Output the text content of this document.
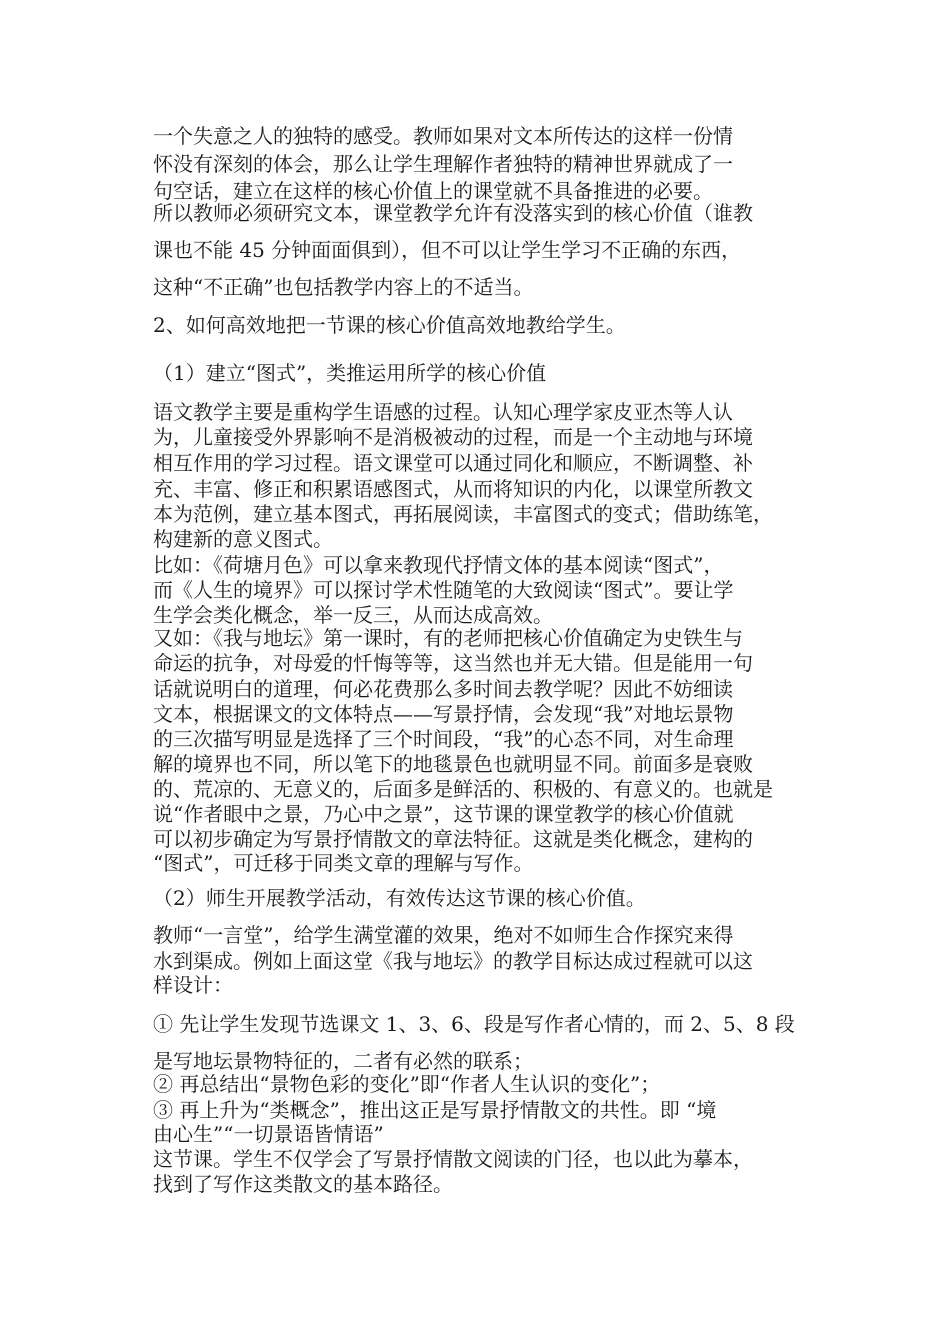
一个失意之人的独特的感受。教师如果对文本所传达的这样一份情
怀没有深刻的体会，那么让学生理解作者独特的精神世界就成了一
句空话，建立在这样的核心价值上的课堂就不具备推进的必要。
所以教师必须研究文本，课堂教学允许有没落实到的核心价值（谁教
课也不能 45 分钟面面俱到），但不可以让学生学习不正确的东西，
这种“不正确”也包括教学内容上的不适当。
2、如何高效地把一节课的核心价值高效地教给学生。
（1）建立“图式”，类推运用所学的核心价值
语文教学主要是重构学生语感的过程。认知心理学家皮亚杰等人认
为，儿童接受外界影响不是消极被动的过程，而是一个主动地与环境
相互作用的学习过程。语文课堂可以通过同化和顺应，不断调整、补
充、丰富、修正和积累语感图式，从而将知识的内化，以课堂所教文
本为范例，建立基本图式，再拓展阅读，丰富图式的变式；借助练笔，
构建新的意义图式。
比如：《荷塘月色》可以拿来教现代抒情文体的基本阅读“图式”，
而《人生的境界》可以探讨学术性随笔的大致阅读“图式”。要让学
生学会类化概念，举一反三，从而达成高效。
又如：《我与地坛》第一课时，有的老师把核心价值确定为史铁生与
命运的抗争，对母爱的忏悔等等，这当然也并无大错。但是能用一句
话就说明白的道理，何必花费那么多时间去教学呢？因此不妨细读
文本，根据课文的文体特点——写景抒情，会发现“我”对地坛景物
的三次描写明显是选择了三个时间段，“我”的心态不同，对生命理
解的境界也不同，所以笔下的地毯景色也就明显不同。前面多是衰败
的、荒凉的、无意义的，后面多是鲜活的、积极的、有意义的。也就是
说“作者眼中之景，乃心中之景”，这节课的课堂教学的核心价值就
可以初步确定为写景抒情散文的章法特征。这就是类化概念，建构的
“图式”，可迁移于同类文章的理解与写作。
（2）师生开展教学活动，有效传达这节课的核心价值。
教师“一言堂”，给学生满堂灌的效果，绝对不如师生合作探究来得
水到渠成。例如上面这堂《我与地坛》的教学目标达成过程就可以这
样设计：
① 先让学生发现节选课文 1、3、6、段是写作者心情的，而 2、5、8 段
是写地坛景物特征的，二者有必然的联系；
② 再总结出“景物色彩的变化”即“作者人生认识的变化”；
③ 再上升为“类概念”，推出这正是写景抒情散文的共性。即 “境
由心生”“一切景语皆情语”
这节课。学生不仅学会了写景抒情散文阅读的门径，也以此为摹本，
找到了写作这类散文的基本路径。
